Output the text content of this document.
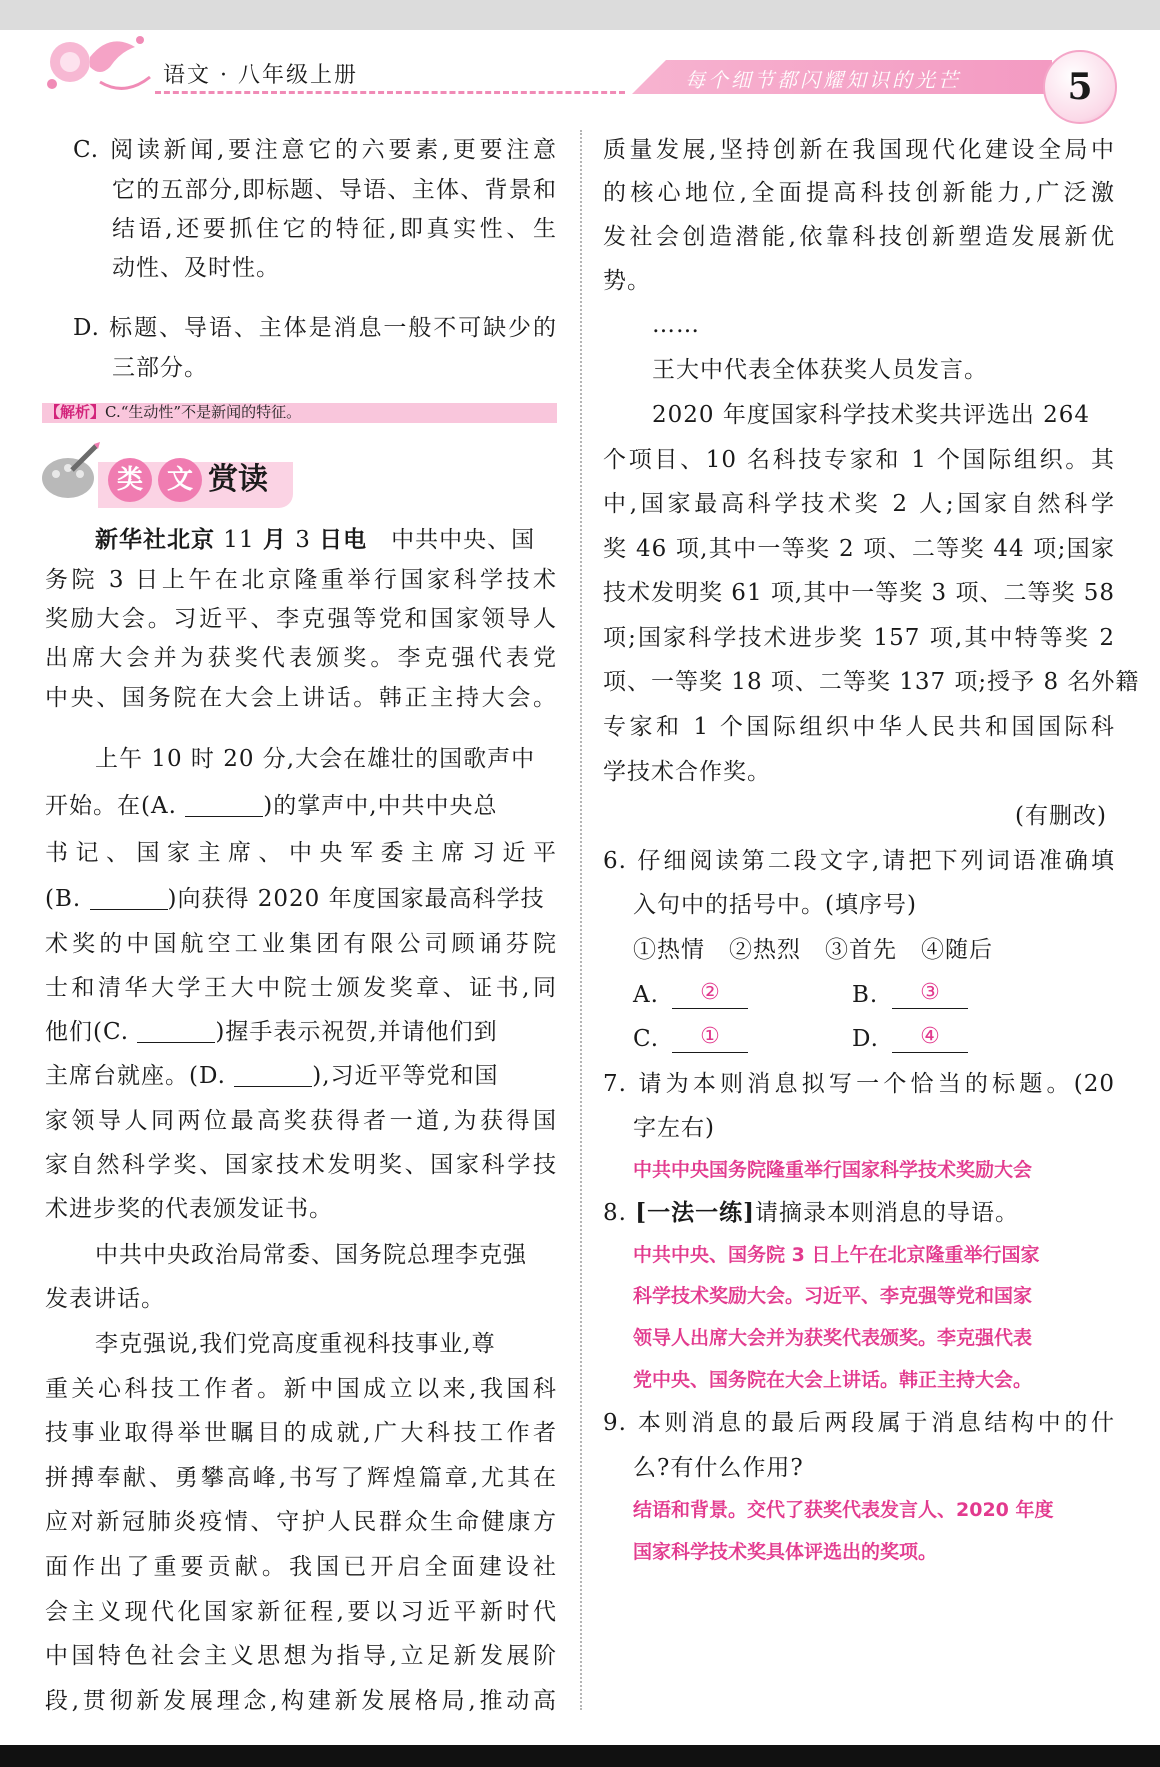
语文 · 八年级上册	每个细节都闪耀知识的光芒	5
C. 阅读新闻,要注意它的六要素,更要注意
它的五部分,即标题、导语、主体、背景和
结语,还要抓住它的特征,即真实性、生
动性、及时性。
D. 标题、导语、主体是消息一般不可缺少的
三部分。
【解析】C.“生动性”不是新闻的特征。
类 文 赏读
新华社北京 11 月 3 日电　中共中央、国
务院 3 日上午在北京隆重举行国家科学技术
奖励大会。习近平、李克强等党和国家领导人
出席大会并为获奖代表颁奖。李克强代表党
中央、国务院在大会上讲话。韩正主持大会。
上午 10 时 20 分,大会在雄壮的国歌声中
开始。在(A.	)的掌声中,中共中央总
书记、国家主席、中央军委主席习近平
(B.	)向获得 2020 年度国家最高科学技
术奖的中国航空工业集团有限公司顾诵芬院
士和清华大学王大中院士颁发奖章、证书,同
他们(C.	)握手表示祝贺,并请他们到
主席台就座。(D.	),习近平等党和国
家领导人同两位最高奖获得者一道,为获得国
家自然科学奖、国家技术发明奖、国家科学技
术进步奖的代表颁发证书。
中共中央政治局常委、国务院总理李克强
发表讲话。
李克强说,我们党高度重视科技事业,尊
重关心科技工作者。新中国成立以来,我国科
技事业取得举世瞩目的成就,广大科技工作者
拼搏奉献、勇攀高峰,书写了辉煌篇章,尤其在
应对新冠肺炎疫情、守护人民群众生命健康方
面作出了重要贡献。我国已开启全面建设社
会主义现代化国家新征程,要以习近平新时代
中国特色社会主义思想为指导,立足新发展阶
段,贯彻新发展理念,构建新发展格局,推动高
质量发展,坚持创新在我国现代化建设全局中
的核心地位,全面提高科技创新能力,广泛激
发社会创造潜能,依靠科技创新塑造发展新优
势。
……
王大中代表全体获奖人员发言。
2020 年度国家科学技术奖共评选出 264
个项目、10 名科技专家和 1 个国际组织。其
中,国家最高科学技术奖 2 人;国家自然科学
奖 46 项,其中一等奖 2 项、二等奖 44 项;国家
技术发明奖 61 项,其中一等奖 3 项、二等奖 58
项;国家科学技术进步奖 157 项,其中特等奖 2
项、一等奖 18 项、二等奖 137 项;授予 8 名外籍
专家和 1 个国际组织中华人民共和国国际科
学技术合作奖。
(有删改)
6. 仔细阅读第二段文字,请把下列词语准确填
入句中的括号中。(填序号)
①热情　②热烈　③首先　④随后
A.	②	B.	③
C.	①	D.	④
7. 请为本则消息拟写一个恰当的标题。(20
字左右)
中共中央国务院隆重举行国家科学技术奖励大会
8. [一法一练]请摘录本则消息的导语。
中共中央、国务院 3 日上午在北京隆重举行国家
科学技术奖励大会。习近平、李克强等党和国家
领导人出席大会并为获奖代表颁奖。李克强代表
党中央、国务院在大会上讲话。韩正主持大会。
9. 本则消息的最后两段属于消息结构中的什
么?有什么作用?
结语和背景。交代了获奖代表发言人、2020 年度
国家科学技术奖具体评选出的奖项。
